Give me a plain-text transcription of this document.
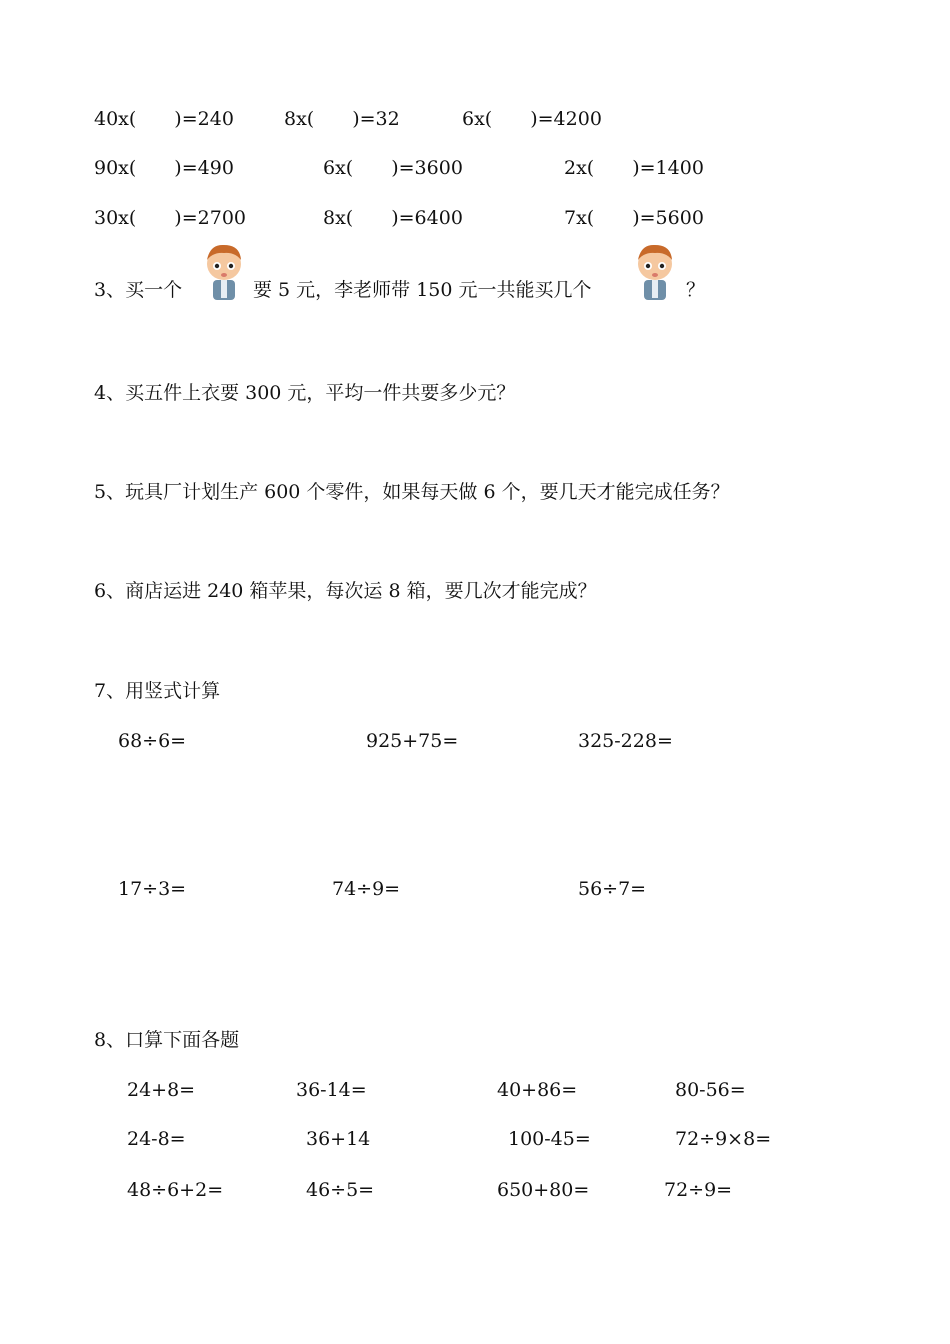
40x(　　)=240	8x(　　)=32	6x(　　)=4200
90x(　　)=490	6x(　　)=3600	2x(　　)=1400
30x(　　)=2700	8x(　　)=6400	7x(　　)=5600
3、买一个	要 5 元，李老师带 150 元一共能买几个	？
4、买五件上衣要 300 元，平均一件共要多少元？
5、玩具厂计划生产 600 个零件，如果每天做 6 个，要几天才能完成任务？
6、商店运进 240 箱苹果，每次运 8 箱，要几次才能完成？
7、用竖式计算
68÷6=	925+75=	325-228=
17÷3=	74÷9=	56÷7=
8、口算下面各题
24+8=	36-14=	40+86=	80-56=
24-8=	36+14	100-45=	72÷9×8=
48÷6+2=	46÷5=	650+80=	72÷9=
